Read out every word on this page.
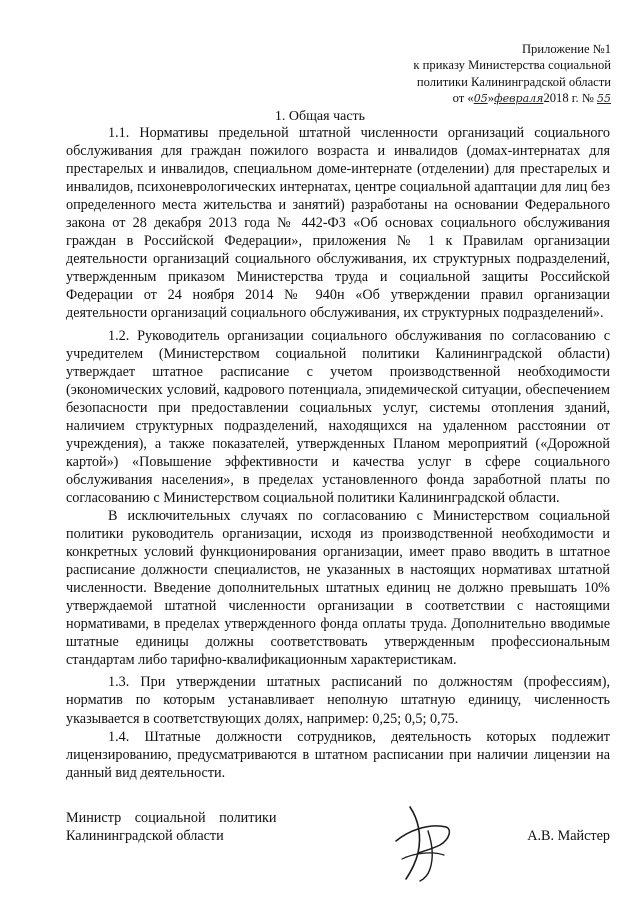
Приложение №1
к приказу Министерства социальной
политики Калининградской области
от «05»февраля2018 г. № 55
1. Общая часть

1.1. Нормативы предельной штатной численности организаций социального обслуживания для граждан пожилого возраста и инвалидов (домах-интернатах для престарелых и инвалидов, специальном доме-интернате (отделении) для престарелых и инвалидов, психоневрологических интернатах, центре социальной адаптации для лиц без определенного места жительства и занятий) разработаны на основании Федерального закона от 28 декабря 2013 года № 442-ФЗ «Об основах социального обслуживания граждан в Российской Федерации», приложения № 1 к Правилам организации деятельности организаций социального обслуживания, их структурных подразделений, утвержденным приказом Министерства труда и социальной защиты Российской Федерации от 24 ноября 2014 № 940н «Об утверждении правил организации деятельности организаций социального обслуживания, их структурных подразделений».

1.2. Руководитель организации социального обслуживания по согласованию с учредителем (Министерством социальной политики Калининградской области) утверждает штатное расписание с учетом производственной необходимости (экономических условий, кадрового потенциала, эпидемической ситуации, обеспечением безопасности при предоставлении социальных услуг, системы отопления зданий, наличием структурных подразделений, находящихся на удаленном расстоянии от учреждения), а также показателей, утвержденных Планом мероприятий («Дорожной картой») «Повышение эффективности и качества услуг в сфере социального обслуживания населения», в пределах установленного фонда заработной платы по согласованию с Министерством социальной политики Калининградской области.

В исключительных случаях по согласованию с Министерством социальной политики руководитель организации, исходя из производственной необходимости и конкретных условий функционирования организации, имеет право вводить в штатное расписание должности специалистов, не указанных в настоящих нормативах штатной численности. Введение дополнительных штатных единиц не должно превышать 10% утверждаемой штатной численности организации в соответствии с настоящими нормативами, в пределах утвержденного фонда оплаты труда. Дополнительно вводимые штатные единицы должны соответствовать утвержденным профессиональным стандартам либо тарифно-квалификационным характеристикам.

1.3. При утверждении штатных расписаний по должностям (профессиям), норматив по которым устанавливает неполную штатную единицу, численность указывается в соответствующих долях, например: 0,25; 0,5; 0,75.

1.4. Штатные должности сотрудников, деятельность которых подлежит лицензированию, предусматриваются в штатном расписании при наличии лицензии на данный вид деятельности.

Министр социальной политики
Калининградской области	А.В. Майстер
